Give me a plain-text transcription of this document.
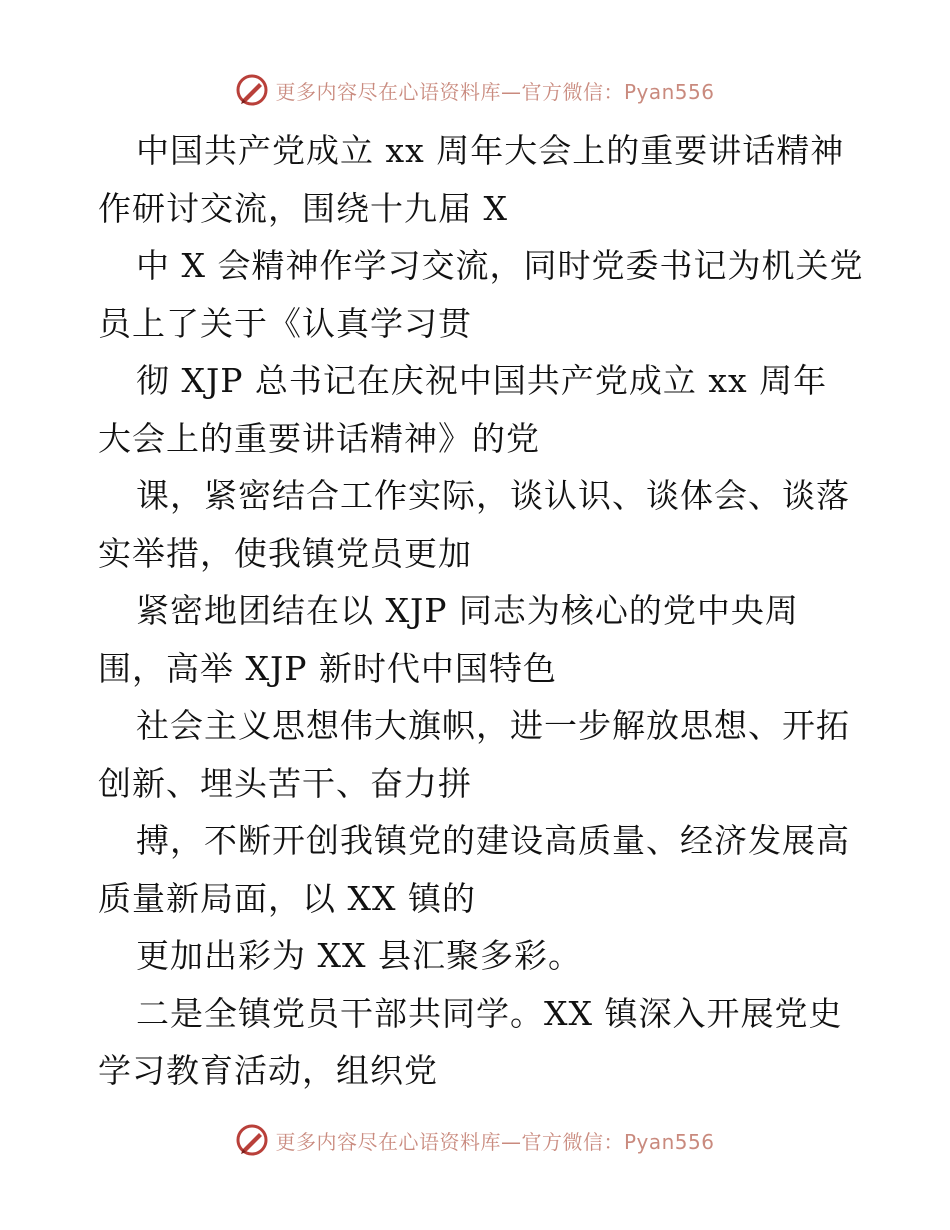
更多内容尽在心语资料库—官方微信：Pyan556
中国共产党成立 xx 周年大会上的重要讲话精神
作研讨交流，围绕十九届 X
中 X 会精神作学习交流，同时党委书记为机关党
员上了关于《认真学习贯
彻 XJP 总书记在庆祝中国共产党成立 xx 周年
大会上的重要讲话精神》的党
课，紧密结合工作实际，谈认识、谈体会、谈落
实举措，使我镇党员更加
紧密地团结在以 XJP 同志为核心的党中央周
围，高举 XJP 新时代中国特色
社会主义思想伟大旗帜，进一步解放思想、开拓
创新、埋头苦干、奋力拼
搏，不断开创我镇党的建设高质量、经济发展高
质量新局面，以 XX 镇的
更加出彩为 XX 县汇聚多彩。
二是全镇党员干部共同学。XX 镇深入开展党史
学习教育活动，组织党
更多内容尽在心语资料库—官方微信：Pyan556
